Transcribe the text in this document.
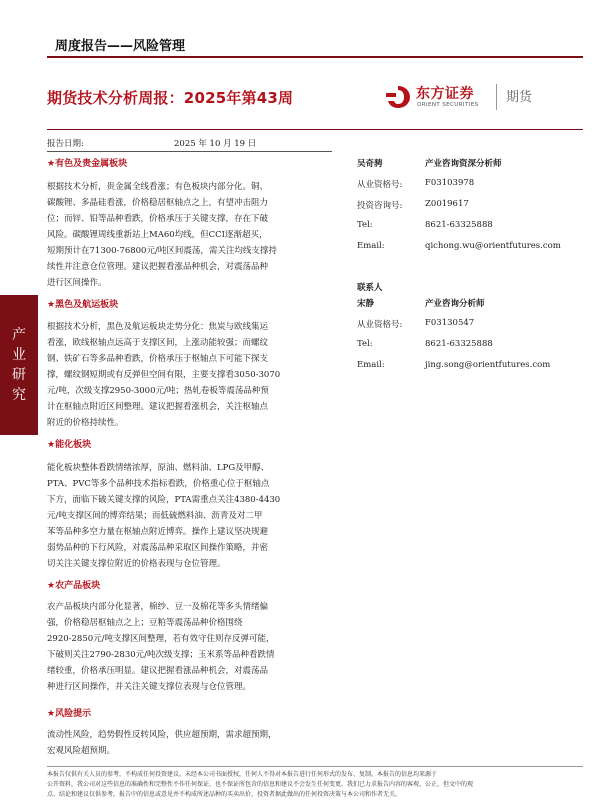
周度报告——风险管理
期货技术分析周报：2025年第43周	东方证券
ORIENT SECURITIES 期货
产
业
研
究
报告日期:	2025 年 10 月 19 日
★有色及贵金属板块
根据技术分析，贵金属全线看涨；有色板块内部分化。铜、
碳酸锂、多晶硅看涨，价格稳居枢轴点之上，有望冲击阻力
位；而锌、铅等品种看跌，价格承压于关键支撑，存在下破
风险。碳酸锂周线重新站上MA60均线，但CCI逐渐超买，
短期预计在71300-76800元/吨区间震荡，需关注均线支撑持
续性并注意仓位管理。建议把握看涨品种机会，对震荡品种
进行区间操作。
★黑色及航运板块
根据技术分析，黑色及航运板块走势分化：焦炭与欧线集运
看涨，欧线枢轴点远高于支撑区间，上涨动能较强；而螺纹
钢、铁矿石等多品种看跌，价格承压于枢轴点下可能下探支
撑，螺纹钢短期或有反弹但空间有限，主要支撑看3050-3070
元/吨，次级支撑2950-3000元/吨；热轧卷板等震荡品种预
计在枢轴点附近区间整理。建议把握看涨机会，关注枢轴点
附近的价格持续性。
★能化板块
能化板块整体看跌情绪浓厚，原油、燃料油、LPG及甲醇、
PTA、PVC等多个品种技术指标看跌，价格重心位于枢轴点
下方，面临下破关键支撑的风险，PTA需重点关注4380-4430
元/吨支撑区间的博弈结果；而低硫燃料油、沥青及对二甲
苯等品种多空力量在枢轴点附近博弈。操作上建议坚决规避
弱势品种的下行风险，对震荡品种采取区间操作策略，并密
切关注关键支撑位附近的价格表现与仓位管理。
★农产品板块
农产品板块内部分化显著，棉纱、豆一及棉花等多头情绪偏
强，价格稳居枢轴点之上；豆粕等震荡品种价格围绕
2920-2850元/吨支撑区间整理，若有效守住则存反弹可能，
下破则关注2790-2830元/吨次级支撑；玉米系等品种看跌情
绪较重，价格承压明显。建议把握看涨品种机会，对震荡品
种进行区间操作，并关注关键支撑位表现与仓位管理。
★风险提示
流动性风险，趋势假性反转风险，供应超预期，需求超预期，
宏观风险超预期。
吴奇骋	产业咨询资深分析师
从业资格号:	F03103978
投资咨询号:	Z0019617
Tel:	8621-63325888
Email:	qichong.wu@orientfutures.com
联系人
宋静	产业咨询分析师
从业资格号:	F03130547
Tel:	8621-63325888
Email:	jing.song@orientfutures.com
本报告仅供有关人员的参考，不构成任何投资建议。未经本公司书面授权，任何人不得对本报告进行任何形式的发布、复制。本报告的信息均来源于
公开资料，我公司对这些信息的准确性和完整性不作任何保证，也不保证所包含的信息和建议不会发生任何变更。我们已力求报告内容的客观、公正，但文中的观
点、结论和建议仅供参考，报告中的信息或意见并不构成所述品种的买卖出价，投资者据此做出的任何投资决策与本公司和作者无关。
